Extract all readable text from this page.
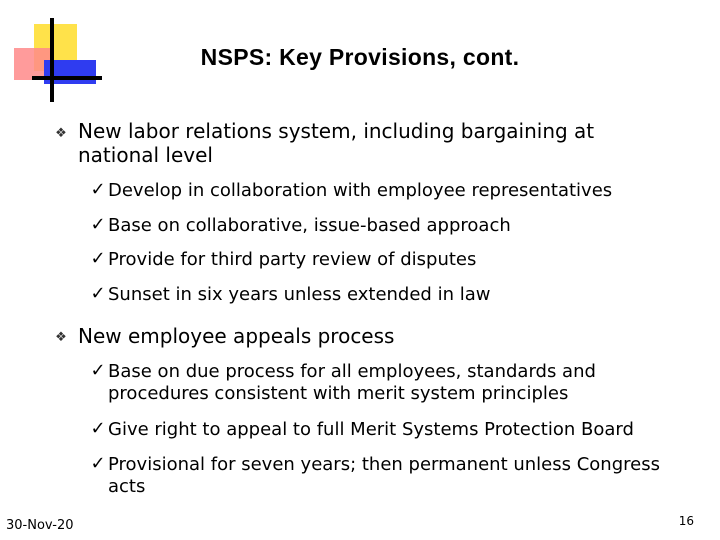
NSPS: Key Provisions, cont.
❖ New labor relations system, including bargaining at national level
✓ Develop in collaboration with employee representatives
✓ Base on collaborative, issue-based approach
✓ Provide for third party review of disputes
✓ Sunset in six years unless extended in law
❖ New employee appeals process
✓ Base on due process for all employees, standards and procedures consistent with merit system principles
✓ Give right to appeal to full Merit Systems Protection Board
✓ Provisional for seven years; then permanent unless Congress acts
30-Nov-20	16
